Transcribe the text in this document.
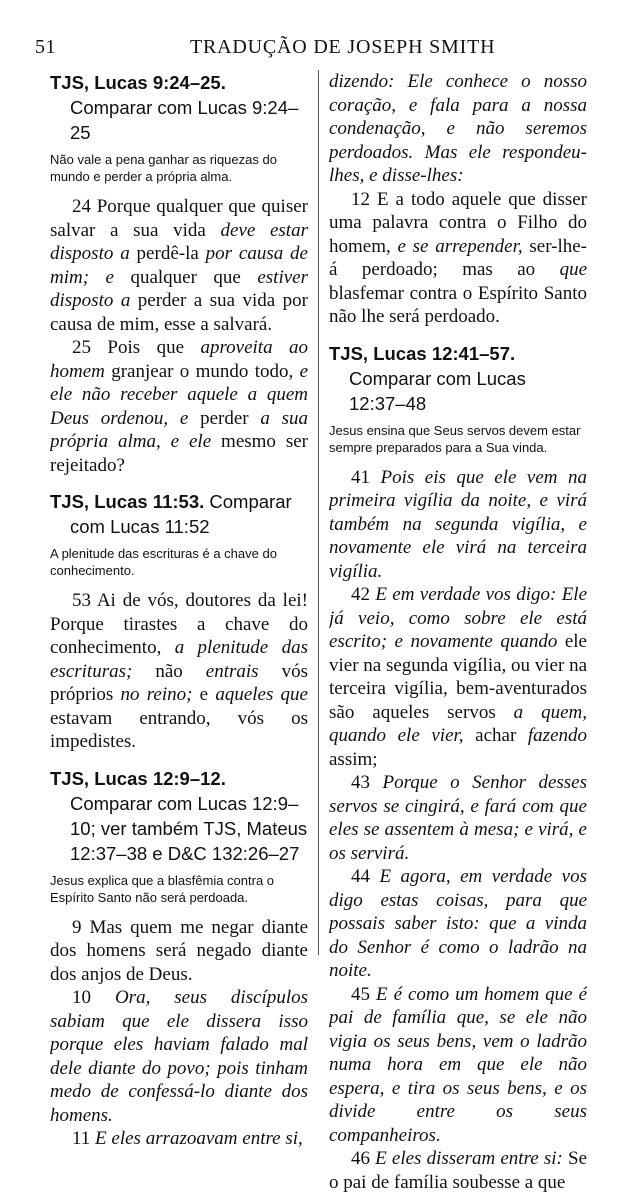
51	TRADUÇÃO DE JOSEPH SMITH

TJS, Lucas 9:24–25. Comparar com Lucas 9:24–25

Não vale a pena ganhar as riquezas do mundo e perder a própria alma.

24 Porque qualquer que quiser salvar a sua vida deve estar disposto a perdê-la por causa de mim; e qualquer que estiver disposto a perder a sua vida por causa de mim, esse a salvará.

25 Pois que aproveita ao homem granjear o mundo todo, e ele não receber aquele a quem Deus ordenou, e perder a sua própria alma, e ele mesmo ser rejeitado?

TJS, Lucas 11:53. Comparar com Lucas 11:52

A plenitude das escrituras é a chave do conhecimento.

53 Ai de vós, doutores da lei! Porque tirastes a chave do conhecimento, a plenitude das escrituras; não entrais vós próprios no reino; e aqueles que estavam entrando, vós os impedistes.

TJS, Lucas 12:9–12. Comparar com Lucas 12:9–10; ver também TJS, Mateus 12:37–38 e D&C 132:26–27

Jesus explica que a blasfêmia contra o Espírito Santo não será perdoada.

9 Mas quem me negar diante dos homens será negado diante dos anjos de Deus.

10 Ora, seus discípulos sabiam que ele dissera isso porque eles haviam falado mal dele diante do povo; pois tinham medo de confessá-lo diante dos homens.

11 E eles arrazoavam entre si,

dizendo: Ele conhece o nosso coração, e fala para a nossa condenação, e não seremos perdoados. Mas ele respondeu-lhes, e disse-lhes:

12 E a todo aquele que disser uma palavra contra o Filho do homem, e se arrepender, ser-lhe-á perdoado; mas ao que blasfemar contra o Espírito Santo não lhe será perdoado.

TJS, Lucas 12:41–57. Comparar com Lucas 12:37–48

Jesus ensina que Seus servos devem estar sempre preparados para a Sua vinda.

41 Pois eis que ele vem na primeira vigília da noite, e virá também na segunda vigília, e novamente ele virá na terceira vigília.

42 E em verdade vos digo: Ele já veio, como sobre ele está escrito; e novamente quando ele vier na segunda vigília, ou vier na terceira vigília, bem-aventurados são aqueles servos a quem, quando ele vier, achar fazendo assim;

43 Porque o Senhor desses servos se cingirá, e fará com que eles se assentem à mesa; e virá, e os servirá.

44 E agora, em verdade vos digo estas coisas, para que possais saber isto: que a vinda do Senhor é como o ladrão na noite.

45 E é como um homem que é pai de família que, se ele não vigia os seus bens, vem o ladrão numa hora em que ele não espera, e tira os seus bens, e os divide entre os seus companheiros.

46 E eles disseram entre si: Se o pai de família soubesse a que
